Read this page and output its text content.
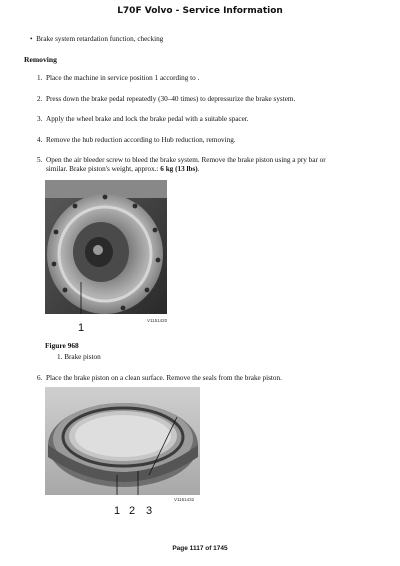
L70F Volvo - Service Information
•  Brake system retardation function, checking
Removing
1. Place the machine in service position 1 according to .
2. Press down the brake pedal repeatedly (30–40 times) to depressurize the brake system.
3. Apply the wheel brake and lock the brake pedal with a suitable spacer.
4. Remove the hub reduction according to Hub reduction, removing.
5. Open the air bleeder screw to bleed the brake system. Remove the brake piston using a pry bar or
similar. Brake piston's weight, approx.: 6 kg (13 lbs).
V1151420
1
Figure 968
1. Brake piston
6. Place the brake piston on a clean surface. Remove the seals from the brake piston.
V1151432
1 2 3
Page 1117 of 1745
